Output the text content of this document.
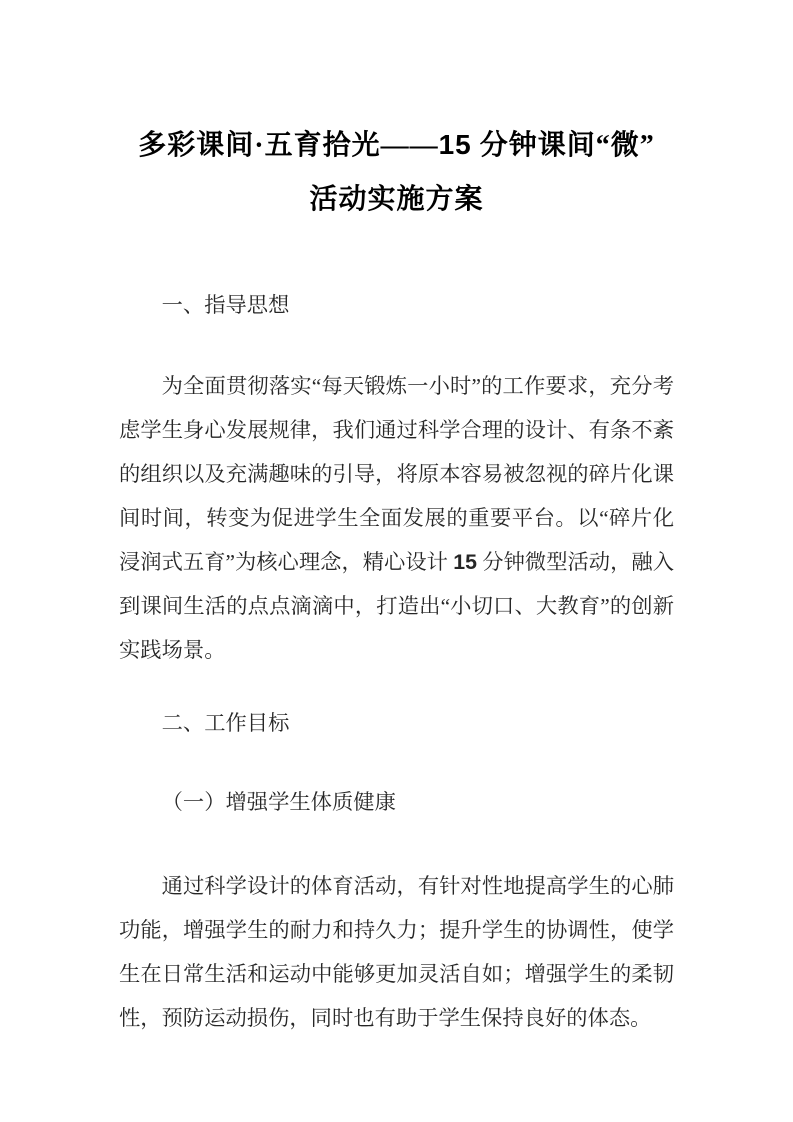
多彩课间·五育拾光——15 分钟课间“微”
活动实施方案
一、指导思想

为全面贯彻落实“每天锻炼一小时”的工作要求，充分考虑学生身心发展规律，我们通过科学合理的设计、有条不紊的组织以及充满趣味的引导，将原本容易被忽视的碎片化课间时间，转变为促进学生全面发展的重要平台。以“碎片化浸润式五育”为核心理念，精心设计 15 分钟微型活动，融入到课间生活的点点滴滴中，打造出“小切口、大教育”的创新实践场景。

二、工作目标
（一）增强学生体质健康

通过科学设计的体育活动，有针对性地提高学生的心肺功能，增强学生的耐力和持久力；提升学生的协调性，使学生在日常生活和运动中能够更加灵活自如；增强学生的柔韧性，预防运动损伤，同时也有助于学生保持良好的体态。
